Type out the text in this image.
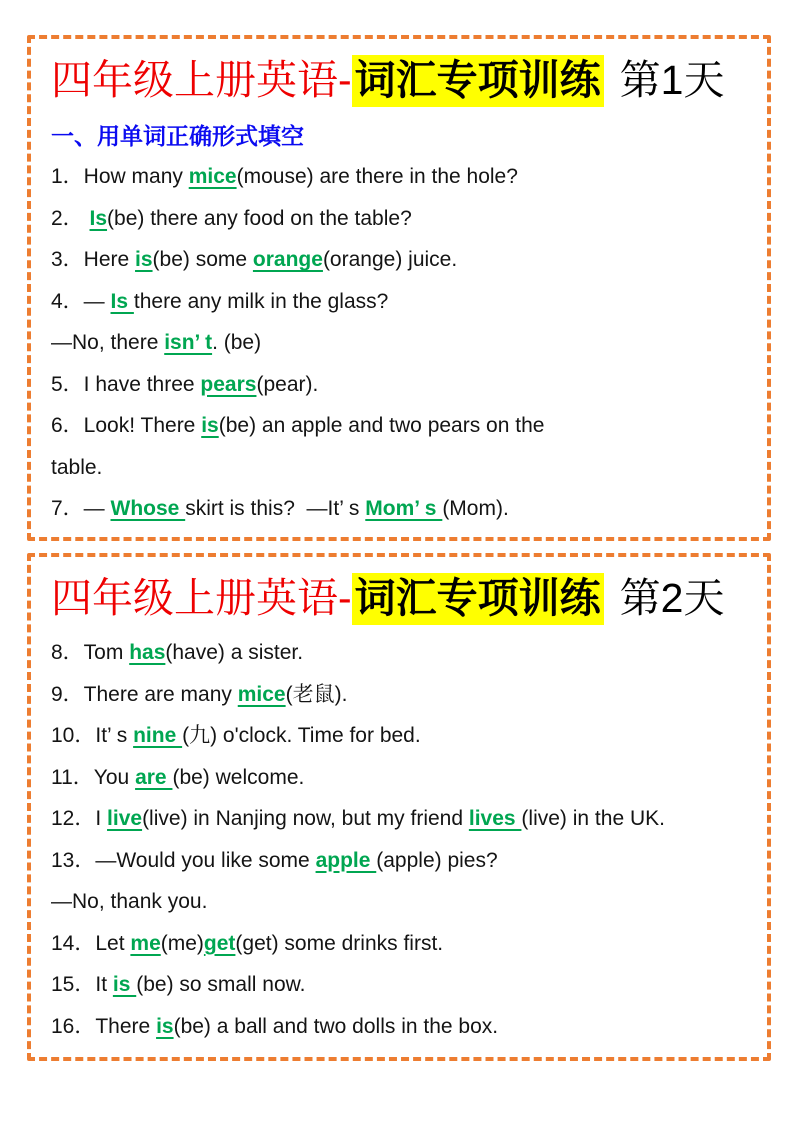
四年级上册英语-词汇专项训练 第1天
一、用单词正确形式填空

1．How many mice(mouse) are there in the hole?

2． Is(be) there any food on the table?

3．Here is(be) some orange(orange) juice.

4．— Is there any milk in the glass?

—No, there isn’ t. (be)

5．I have three pears(pear).

6．Look! There is(be) an apple and two pears on the

table.

7．— Whose skirt is this?  —It’ s Mom’ s (Mom).

四年级上册英语-词汇专项训练 第2天

8．Tom has(have) a sister.

9．There are many mice(老鼠).

10．It’ s nine (九) o'clock. Time for bed.

11．You are (be) welcome.

12．I live(live) in Nanjing now, but my friend lives (live) in the UK.

13．—Would you like some apple (apple) pies?

—No, thank you.

14．Let me(me)get(get) some drinks first.

15．It is (be) so small now.

16．There is(be) a ball and two dolls in the box.
